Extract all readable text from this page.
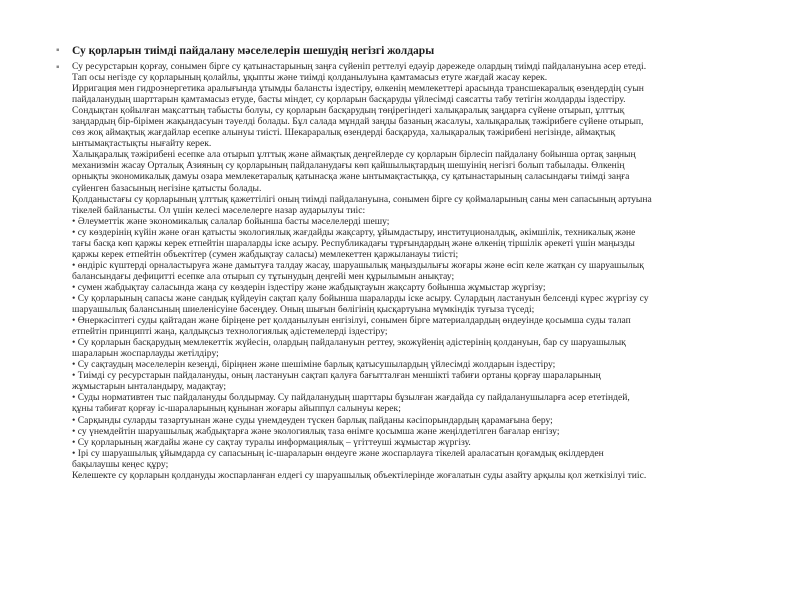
▪	Су қорларын тиімді пайдалану мәселелерін шешудің негізгі жолдары
▪	Су ресурстарын қорғау, сонымен бірге су қатынастарының заңға сүйеніп реттелуі едәуір дәрежеде олардың тиімді пайдалануына әсер етеді.
Тап осы негізде су қорларының қолайлы, ұқыпты және тиімді қолданылуына қамтамасыз етуге жағдай жасау керек.
Ирригация мен гидроэнергетика аралығында ұтымды балансты іздестіру, өлкенің мемлекеттері арасында трансшекаралық өзендердің суын
пайдаланудың шарттарын қамтамасыз етуде, басты міндет, су қорларын басқаруды үйлесімді саясатты табу тетігін жолдарды іздестіру.
Сондықтан қойылған мақсаттың табысты болуы, су қорларын басқарудың төңірегіндегі халықаралық заңдарға сүйене отырып, ұлттық
заңдардың бір-бірімен жақындасуын тәуелді болады. Бұл салада мұндай заңды базаның жасалуы, халықаралық тәжірибеге сүйене отырып,
сөз жоқ аймақтық жағдайлар есепке алынуы тиісті. Шекараралық өзендерді басқаруда, халықаралық тәжірибені негізінде, аймақтық
ынтымақтастықты нығайту керек.
Халықаралық тәжірибені есепке ала отырып ұлттық және аймақтық деңгейлерде су қорларын бірлесіп пайдалану бойынша ортақ заңның
механизмін жасау Орталық Азияның су қорларының пайдаланудағы көп қайшылықтардың шешуінің негізгі болып табылады. Өлкенің
орнықты экономикалық дамуы озара мемлекетаралық қатынасқа және ынтымақтастыққа, су қатынастарының саласындағы тиімді заңға
сүйенген базасының негізіне қатысты болады.
Қолданыстағы су қорларының ұлттық қажеттілігі оның тиімді пайдалануына, сонымен бірге су қоймаларының саны мен сапасының артуына
тікелей байланысты. Ол үшін келесі мәселелерге назар аударылуы тиіс:
• Әлеуметтік және экономикалық салалар бойынша басты мәселелерді шешу;
• су көздерінің күйін және оған қатысты экологиялық жағдайды жақсарту, ұйымдастыру, институционалдық, әкімшілік, техникалық және
тағы басқа көп қаржы керек етпейтін шараларды іске асыру. Республикадағы тұрғындардың және өлкенің тіршілік әрекеті үшін маңызды
қаржы керек етпейтін объектітер (сумен жабдықтау саласы) мемлекеттен қаржыланауы тиісті;
• өндіріс күштерді орналастыруға және дамытуға талдау жасау, шаруашылық маңыздылығы жоғары және өсіп келе жатқан су шаруашылық
балансындағы дефицитті есепке ала отырып су тұтынудың деңгейі мен құрылымын анықтау;
• сумен жабдықтау саласында жаңа су көздерін іздестіру және жабдықтауын жақсарту бойынша жұмыстар жүргізу;
• Су қорларының сапасы және сандық күйдеуін сақтап қалу бойынша шараларды іске асыру. Сулардың ластануын белсенді күрес жүргізу су
шаруашылық балансының шиеленісуіне бәсеңдеу. Оның шығын бөлігінің қысқартуына мүмкіндік туғыза түседі;
• Өнеркәсіптегі суды қайтадан және біріңене рет қолданылуын енгізілуі, сонымен бірге материалдардың өндеуінде қосымша суды талап
етпейтін принципті жаңа, қалдықсыз технологиялық әдістемелерді іздестіру;
• Су қорларын басқарудың мемлекеттік жүйесін, олардың пайдалануын реттеу, экожүйенің әдістерінің қолдануын, бар су шаруашылық
шараларын жоспарлауды жетілдіру;
• Су сақтаудың мәселелерін кезеңді, біріңнен және шешіміне барлық қатысушылардың үйлесімді жолдарын іздестіру;
• Тиімді су ресурстарын пайдалануды, оның ластануын сақтап қалуға бағытталған меншікті табиғи ортаны қорғау шараларының
жұмыстарын ынталандыру, мадақтау;
• Суды нормативтен тыс пайдалануды болдырмау. Су пайдаланудың шарттары бұзылған жағдайда су пайдаланушыларға әсер ететіндей,
құны табиғат қорғау іс-шараларының құнынан жоғары айыппұл салынуы керек;
• Сарқынды суларды тазартуынан және суды үнемдеуден түскен барлық пайданы кәсіпорындардың қарамағына беру;
• су үнемдейтін шаруашылық жабдықтарға және экологиялық таза өнімге қосымша және жеңілдетілген бағалар енгізу;
• Су қорларының жағдайы және су сақтау туралы информациялық – үгіттеуші жұмыстар жүргізу.
• Ірі су шаруашылық ұйымдарда су сапасының іс-шараларын өндеуге және жоспарлауға тікелей араласатын қоғамдық өкілдерден
бақылаушы кеңес құру;
Келешекте су қорларын қолдануды жоспарланған елдегі су шаруашылық объектілерінде жоғалатын суды азайту арқылы қол жеткізілуі тиіс.
